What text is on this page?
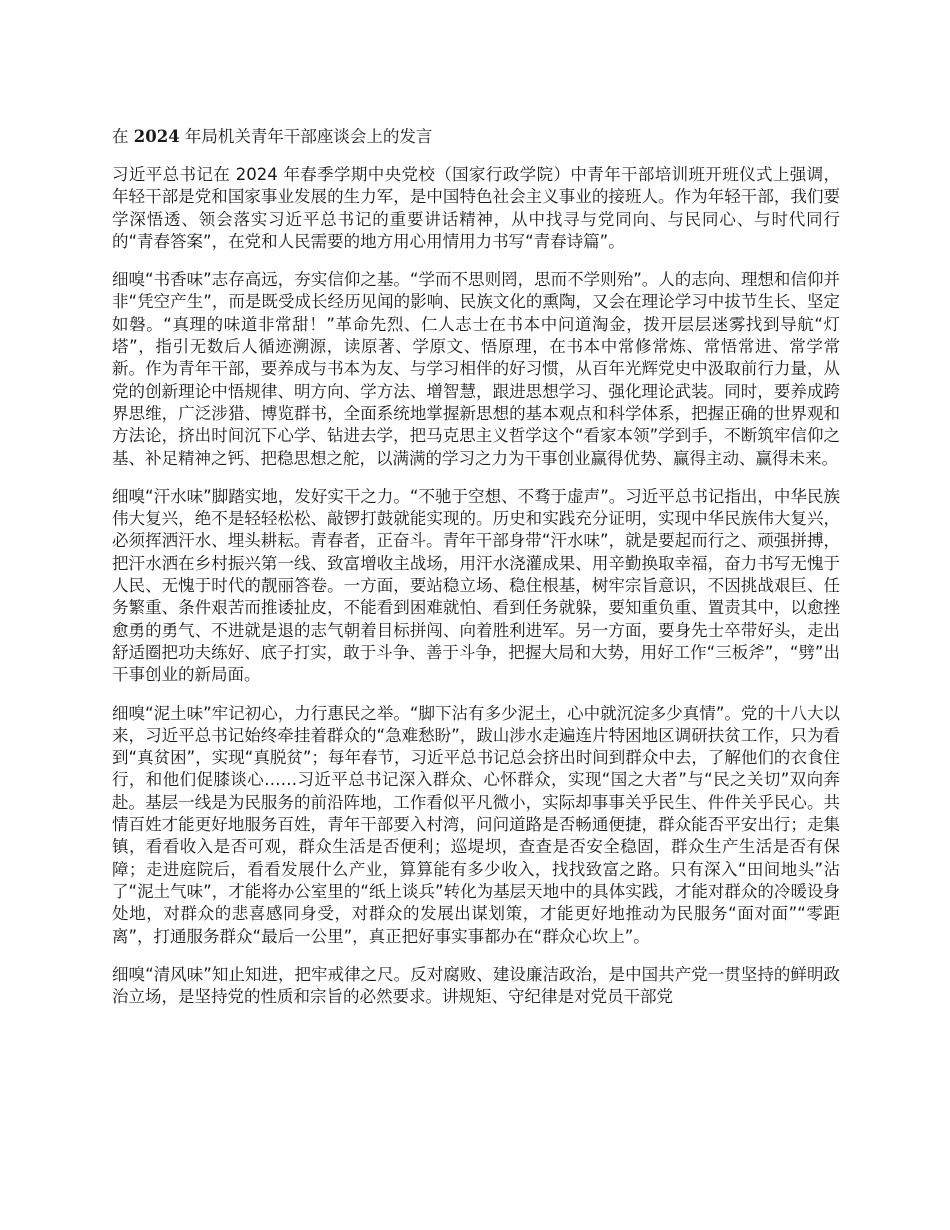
在 2024 年局机关青年干部座谈会上的发言

习近平总书记在 2024 年春季学期中央党校（国家行政学院）中青年干部培训班开班仪式上强调，年轻干部是党和国家事业发展的生力军，是中国特色社会主义事业的接班人。作为年轻干部，我们要学深悟透、领会落实习近平总书记的重要讲话精神，从中找寻与党同向、与民同心、与时代同行的“青春答案”，在党和人民需要的地方用心用情用力书写“青春诗篇”。

细嗅“书香味”志存高远，夯实信仰之基。“学而不思则罔，思而不学则殆”。人的志向、理想和信仰并非“凭空产生”，而是既受成长经历见闻的影响、民族文化的熏陶，又会在理论学习中拔节生长、坚定如磐。“真理的味道非常甜！”革命先烈、仁人志士在书本中问道淘金，拨开层层迷雾找到导航“灯塔”，指引无数后人循迹溯源，读原著、学原文、悟原理，在书本中常修常炼、常悟常进、常学常新。作为青年干部，要养成与书本为友、与学习相伴的好习惯，从百年光辉党史中汲取前行力量，从党的创新理论中悟规律、明方向、学方法、增智慧，跟进思想学习、强化理论武装。同时，要养成跨界思维，广泛涉猎、博览群书，全面系统地掌握新思想的基本观点和科学体系，把握正确的世界观和方法论，挤出时间沉下心学、钻进去学，把马克思主义哲学这个“看家本领”学到手，不断筑牢信仰之基、补足精神之钙、把稳思想之舵，以满满的学习之力为干事创业赢得优势、赢得主动、赢得未来。

细嗅“汗水味”脚踏实地，发好实干之力。“不驰于空想、不骛于虚声”。习近平总书记指出，中华民族伟大复兴，绝不是轻轻松松、敲锣打鼓就能实现的。历史和实践充分证明，实现中华民族伟大复兴，必须挥洒汗水、埋头耕耘。青春者，正奋斗。青年干部身带“汗水味”，就是要起而行之、顽强拼搏，把汗水洒在乡村振兴第一线、致富增收主战场，用汗水浇灌成果、用辛勤换取幸福，奋力书写无愧于人民、无愧于时代的靓丽答卷。一方面，要站稳立场、稳住根基，树牢宗旨意识，不因挑战艰巨、任务繁重、条件艰苦而推诿扯皮，不能看到困难就怕、看到任务就躲，要知重负重、置责其中，以愈挫愈勇的勇气、不进就是退的志气朝着目标拼闯、向着胜利进军。另一方面，要身先士卒带好头，走出舒适圈把功夫练好、底子打实，敢于斗争、善于斗争，把握大局和大势，用好工作“三板斧”，“劈”出干事创业的新局面。

细嗅“泥土味”牢记初心，力行惠民之举。“脚下沾有多少泥土，心中就沉淀多少真情”。党的十八大以来，习近平总书记始终牵挂着群众的“急难愁盼”，跋山涉水走遍连片特困地区调研扶贫工作，只为看到“真贫困”，实现“真脱贫”；每年春节，习近平总书记总会挤出时间到群众中去，了解他们的衣食住行，和他们促膝谈心……习近平总书记深入群众、心怀群众，实现“国之大者”与“民之关切”双向奔赴。基层一线是为民服务的前沿阵地，工作看似平凡微小，实际却事事关乎民生、件件关乎民心。共情百姓才能更好地服务百姓，青年干部要入村湾，问问道路是否畅通便捷，群众能否平安出行；走集镇，看看收入是否可观，群众生活是否便利；巡堤坝，查查是否安全稳固，群众生产生活是否有保障；走进庭院后，看看发展什么产业，算算能有多少收入，找找致富之路。只有深入“田间地头”沾了“泥土气味”，才能将办公室里的“纸上谈兵”转化为基层天地中的具体实践，才能对群众的冷暖设身处地，对群众的悲喜感同身受，对群众的发展出谋划策，才能更好地推动为民服务“面对面”“零距离”，打通服务群众“最后一公里”，真正把好事实事都办在“群众心坎上”。

细嗅“清风味”知止知进，把牢戒律之尺。反对腐败、建设廉洁政治，是中国共产党一贯坚持的鲜明政治立场，是坚持党的性质和宗旨的必然要求。讲规矩、守纪律是对党员干部党
